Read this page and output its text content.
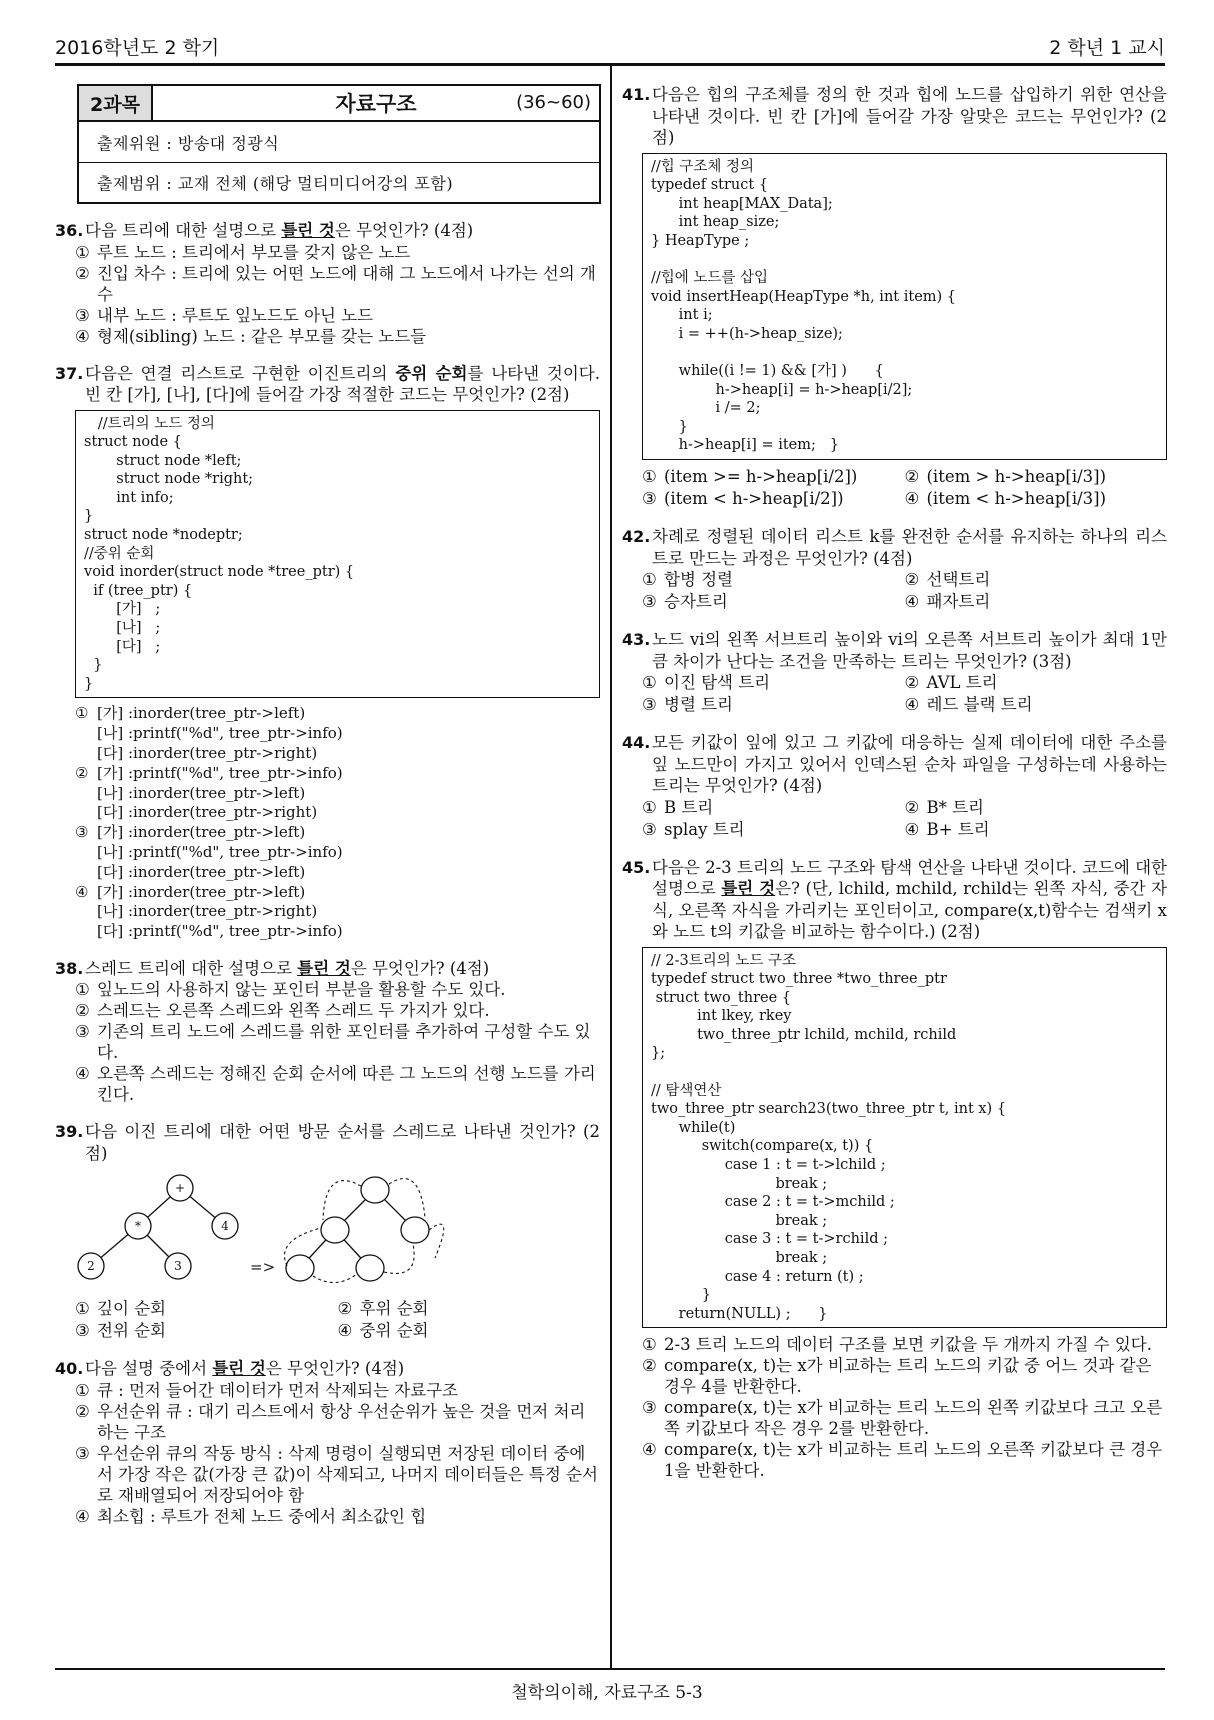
2016학년도 2 학기	2 학년 1 교시
2과목	자료구조	(36~60)
출제위원 : 방송대 정광식
출제범위 : 교재 전체 (해당 멀티미디어강의 포함)
36. 다음 트리에 대한 설명으로 틀린 것은 무엇인가? (4점)
① 루트 노드 : 트리에서 부모를 갖지 않은 노드
② 진입 차수 : 트리에 있는 어떤 노드에 대해 그 노드에서 나가는 선의 개수
③ 내부 노드 : 루트도 잎노드도 아닌 노드
④ 형제(sibling) 노드 : 같은 부모를 갖는 노드들
37. 다음은 연결 리스트로 구현한 이진트리의 중위 순회를 나타낸 것이다. 빈 칸 [가], [나], [다]에 들어갈 가장 적절한 코드는 무엇인가? (2점)
//트리의 노드 정의
struct node {
struct node *left;
struct node *right;
int info;
}
struct node *nodeptr;
//중위 순회
void inorder(struct node *tree_ptr) {
if (tree_ptr) {
[가]   ;
[나]   ;
[다]   ;
}
}
① [가] :inorder(tree_ptr->left)
[나] :printf("%d", tree_ptr->info)
[다] :inorder(tree_ptr->right)
② [가] :printf("%d", tree_ptr->info)
[나] :inorder(tree_ptr->left)
[다] :inorder(tree_ptr->right)
③ [가] :inorder(tree_ptr->left)
[나] :printf("%d", tree_ptr->info)
[다] :inorder(tree_ptr->left)
④ [가] :inorder(tree_ptr->left)
[나] :inorder(tree_ptr->right)
[다] :printf("%d", tree_ptr->info)
38. 스레드 트리에 대한 설명으로 틀린 것은 무엇인가? (4점)
① 잎노드의 사용하지 않는 포인터 부분을 활용할 수도 있다.
② 스레드는 오른쪽 스레드와 왼쪽 스레드 두 가지가 있다.
③ 기존의 트리 노드에 스레드를 위한 포인터를 추가하여 구성할 수도 있다.
④ 오른쪽 스레드는 정해진 순회 순서에 따른 그 노드의 선행 노드를 가리킨다.
39. 다음 이진 트리에 대한 어떤 방문 순서를 스레드로 나타낸 것인가? (2점)
+
*	4
2	3	=>
① 깊이 순회	② 후위 순회
③ 전위 순회	④ 중위 순회
40. 다음 설명 중에서 틀린 것은 무엇인가? (4점)
① 큐 : 먼저 들어간 데이터가 먼저 삭제되는 자료구조
② 우선순위 큐 : 대기 리스트에서 항상 우선순위가 높은 것을 먼저 처리하는 구조
③ 우선순위 큐의 작동 방식 : 삭제 명령이 실행되면 저장된 데이터 중에서 가장 작은 값(가장 큰 값)이 삭제되고, 나머지 데이터들은 특정 순서로 재배열되어 저장되어야 함
④ 최소힙 : 루트가 전체 노드 중에서 최소값인 힙
41. 다음은 힙의 구조체를 정의 한 것과 힙에 노드를 삽입하기 위한 연산을 나타낸 것이다. 빈 칸 [가]에 들어갈 가장 알맞은 코드는 무언인가? (2점)
//힙 구조체 정의
typedef struct {
int heap[MAX_Data];
int heap_size;
} HeapType ;

//힙에 노드를 삽입
void insertHeap(HeapType *h, int item) {
int i;
i = ++(h->heap_size);

while((i != 1) && [가] )      {
h->heap[i] = h->heap[i/2];
i /= 2;
}
h->heap[i] = item;   }
① (item >= h->heap[i/2])	② (item > h->heap[i/3])
③ (item < h->heap[i/2])	④ (item < h->heap[i/3])
42. 차례로 정렬된 데이터 리스트 k를 완전한 순서를 유지하는 하나의 리스트로 만드는 과정은 무엇인가? (4점)
① 합병 정렬	② 선택트리
③ 승자트리	④ 패자트리
43. 노드 vi의 왼쪽 서브트리 높이와 vi의 오른쪽 서브트리 높이가 최대 1만큼 차이가 난다는 조건을 만족하는 트리는 무엇인가? (3점)
① 이진 탐색 트리	② AVL 트리
③ 병렬 트리	④ 레드 블랙 트리
44. 모든 키값이 잎에 있고 그 키값에 대응하는 실제 데이터에 대한 주소를 잎 노드만이 가지고 있어서 인덱스된 순차 파일을 구성하는데 사용하는 트리는 무엇인가? (4점)
① B 트리	② B* 트리
③ splay 트리	④ B+ 트리
45. 다음은 2-3 트리의 노드 구조와 탐색 연산을 나타낸 것이다. 코드에 대한 설명으로 틀린 것은? (단, lchild, mchild, rchild는 왼쪽 자식, 중간 자식, 오른쪽 자식을 가리키는 포인터이고, compare(x,t)함수는 검색키 x와 노드 t의 키값을 비교하는 함수이다.) (2점)
// 2-3트리의 노드 구조
typedef struct two_three *two_three_ptr
struct two_three {
int lkey, rkey
two_three_ptr lchild, mchild, rchild
};

// 탐색연산
two_three_ptr search23(two_three_ptr t, int x) {
while(t)
switch(compare(x, t)) {
case 1 : t = t->lchild ;
break ;
case 2 : t = t->mchild ;
break ;
case 3 : t = t->rchild ;
break ;
case 4 : return (t) ;
}
return(NULL) ;      }
① 2-3 트리 노드의 데이터 구조를 보면 키값을 두 개까지 가질 수 있다.
② compare(x, t)는 x가 비교하는 트리 노드의 키값 중 어느 것과 같은 경우 4를 반환한다.
③ compare(x, t)는 x가 비교하는 트리 노드의 왼쪽 키값보다 크고 오른쪽 키값보다 작은 경우 2를 반환한다.
④ compare(x, t)는 x가 비교하는 트리 노드의 오른쪽 키값보다 큰 경우 1을 반환한다.
철학의이해, 자료구조 5-3
